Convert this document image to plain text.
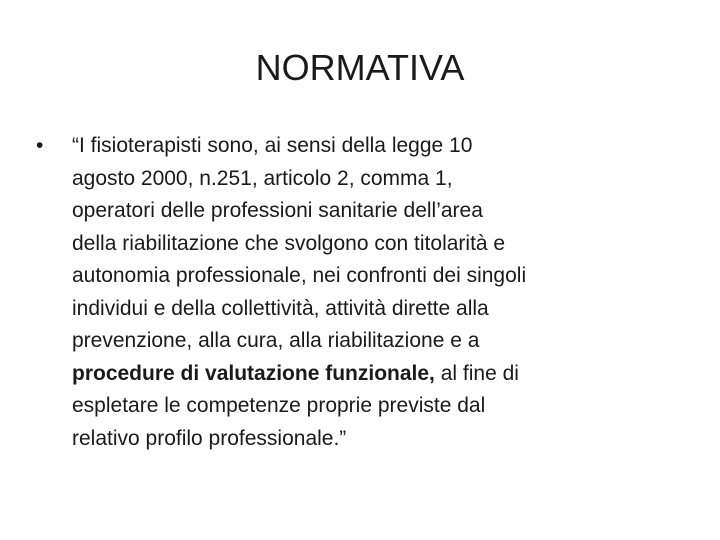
NORMATIVA
•	“I fisioterapisti sono, ai sensi della legge 10
agosto 2000, n.251, articolo 2, comma 1,
operatori delle professioni sanitarie dell’area
della riabilitazione che svolgono con titolarità e
autonomia professionale, nei confronti dei singoli
individui e della collettività, attività dirette alla
prevenzione, alla cura, alla riabilitazione e a
procedure di valutazione funzionale, al fine di
espletare le competenze proprie previste dal
relativo profilo professionale.”
